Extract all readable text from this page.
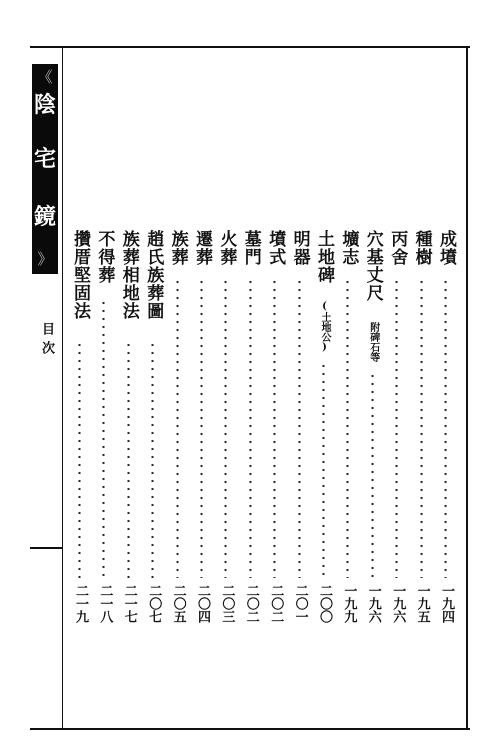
《
陰
宅
鏡
》
目次
成墳
一九四
種樹
一九五
丙舍
一九六
穴基丈尺
附碑石等
一九六
壙志
一九九
土地碑
(土地公)
二〇〇
明器
二〇一
墳式
二〇二
墓門
二〇二
火葬
二〇三
遷葬
二〇四
族葬
二〇五
趙氏族葬圖
二〇七
族葬相地法
二一七
不得葬
二一八
攢厝堅固法
二一九
